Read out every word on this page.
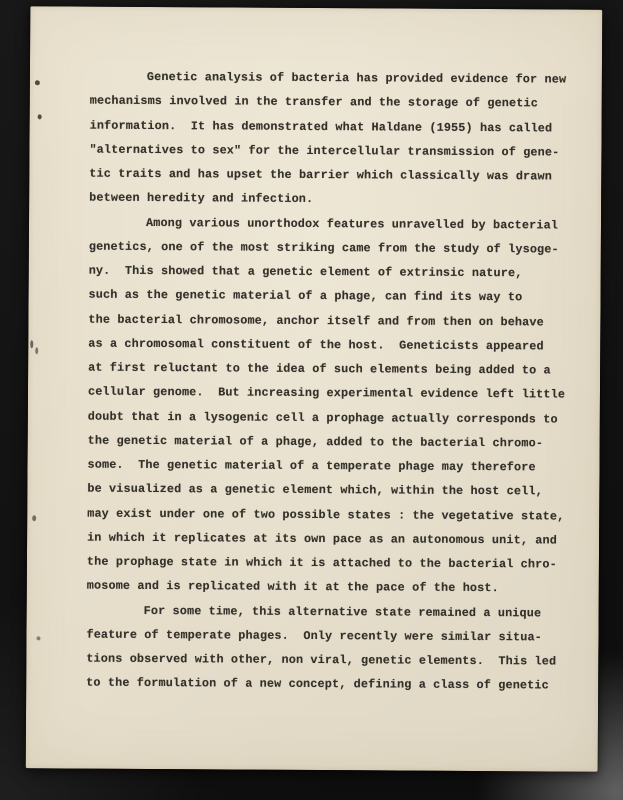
Genetic analysis of bacteria has provided evidence for new
mechanisms involved in the transfer and the storage of genetic
information.  It has demonstrated what Haldane (1955) has called
"alternatives to sex" for the intercellular transmission of gene-
tic traits and has upset the barrier which classically was drawn
between heredity and infection.
Among various unorthodox features unravelled by bacterial
genetics, one of the most striking came from the study of lysoge-
ny.  This showed that a genetic element of extrinsic nature,
such as the genetic material of a phage, can find its way to
the bacterial chromosome, anchor itself and from then on behave
as a chromosomal constituent of the host.  Geneticists appeared
at first reluctant to the idea of such elements being added to a
cellular genome.  But increasing experimental evidence left little
doubt that in a lysogenic cell a prophage actually corresponds to
the genetic material of a phage, added to the bacterial chromo-
some.  The genetic material of a temperate phage may therefore
be visualized as a genetic element which, within the host cell,
may exist under one of two possible states : the vegetative state,
in which it replicates at its own pace as an autonomous unit, and
the prophage state in which it is attached to the bacterial chro-
mosome and is replicated with it at the pace of the host.
For some time, this alternative state remained a unique
feature of temperate phages.  Only recently were similar situa-
tions observed with other, non viral, genetic elements.  This led
to the formulation of a new concept, defining a class of genetic
